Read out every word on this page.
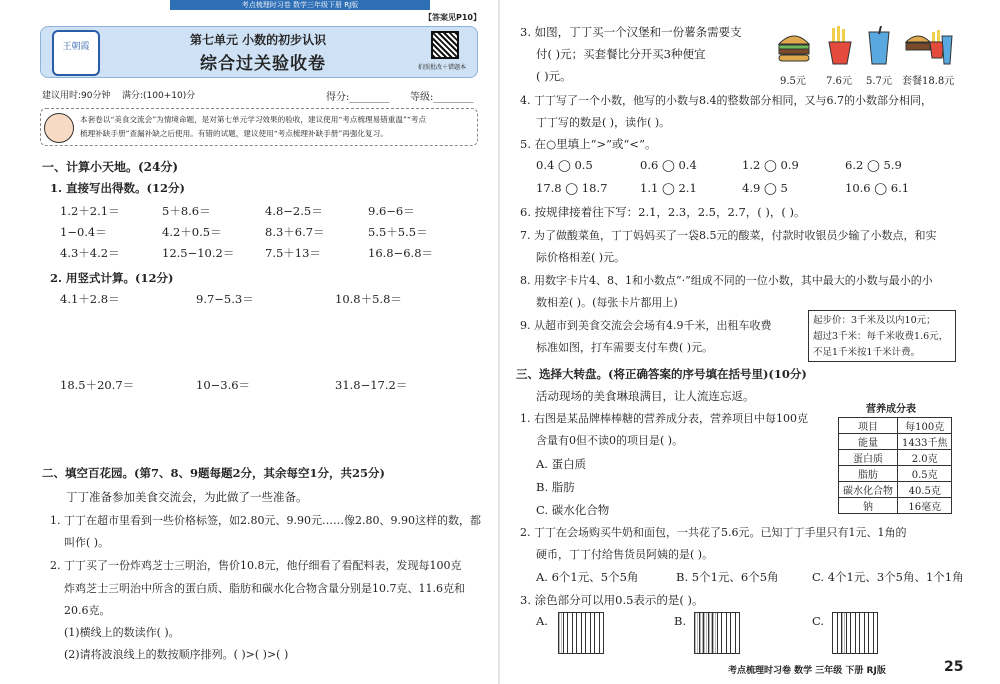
考点梳理时习卷 数学三年级下册 RJ版
【答案见P10】
王朝霞	第七单元 小数的初步认识
综合过关验收卷	拍照批改＋错题本
建议用时:90分钟 满分:(100+10)分	得分:________ 等级:________
本套卷以“美食交流会”为情境命题，是对第七单元学习效果的验收，建议使用“考点梳理易错重温”“考点
梳理补缺手册”查漏补缺之后使用。有错的试题，建议使用“考点梳理补缺手册”再强化复习。
一、计算小天地。(24分)
1. 直接写出得数。(12分)
1.2＋2.1＝	5＋8.6＝	4.8−2.5＝	9.6−6＝
1−0.4＝	4.2＋0.5＝	8.3＋6.7＝	5.5＋5.5＝
4.3＋4.2＝	12.5−10.2＝	7.5＋13＝	16.8−6.8＝
2. 用竖式计算。(12分)
4.1＋2.8＝	9.7−5.3＝	10.8＋5.8＝
18.5＋20.7＝	10−3.6＝	31.8−17.2＝
二、填空百花园。(第7、8、9题每题2分，其余每空1分，共25分)
丁丁准备参加美食交流会，为此做了一些准备。
1. 丁丁在超市里看到一些价格标签，如2.80元、9.90元……像2.80、9.90这样的数，都
叫作( )。
2. 丁丁买了一份炸鸡芝士三明治，售价10.8元，他仔细看了看配料表，发现每100克
炸鸡芝士三明治中所含的蛋白质、脂肪和碳水化合物含量分别是10.7克、11.6克和
20.6克。
(1)横线上的数读作( )。
(2)请将波浪线上的数按顺序排列。( )>( )>( )
3. 如图，丁丁买一个汉堡和一份薯条需要支
付( )元；买套餐比分开买3种便宜
( )元。	9.5元 7.6元 5.7元 套餐18.8元
4. 丁丁写了一个小数，他写的小数与8.4的整数部分相同，又与6.7的小数部分相同，
丁丁写的数是( )，读作( )。
5. 在○里填上“>”或“<”。
0.4 ◯ 0.5	0.6 ◯ 0.4	1.2 ◯ 0.9	6.2 ◯ 5.9
17.8 ◯ 18.7	1.1 ◯ 2.1	4.9 ◯ 5	10.6 ◯ 6.1
6. 按规律接着往下写：2.1，2.3，2.5，2.7，( )，( )。
7. 为了做酸菜鱼，丁丁妈妈买了一袋8.5元的酸菜，付款时收银员少输了小数点，和实
际价格相差( )元。
8. 用数字卡片4、8、1和小数点“·”组成不同的一位小数，其中最大的小数与最小的小
数相差( )。(每张卡片都用上)
9. 从超市到美食交流会会场有4.9千米，出租车收费
标准如图，打车需要支付车费( )元。
起步价：3千米及以内10元；
超过3千米：每千米收费1.6元，
不足1千米按1千米计费。
三、选择大转盘。(将正确答案的序号填在括号里)(10分)
活动现场的美食琳琅满目，让人流连忘返。
1. 右图是某品牌棒棒糖的营养成分表，营养项目中每100克
含量有0但不读0的项目是( )。
A. 蛋白质
B. 脂肪
C. 碳水化合物
营养成分表
项目	每100克
能量	1433千焦
蛋白质	2.0克
脂肪	0.5克
碳水化合物	40.5克
钠	16毫克
2. 丁丁在会场购买牛奶和面包，一共花了5.6元。已知丁丁手里只有1元、1角的
硬币，丁丁付给售货员阿姨的是( )。
A. 6个1元、5个5角	B. 5个1元、6个5角	C. 4个1元、3个5角、1个1角
3. 涂色部分可以用0.5表示的是( )。
A.	B.	C.
考点梳理时习卷 数学 三年级 下册 RJ版	25
